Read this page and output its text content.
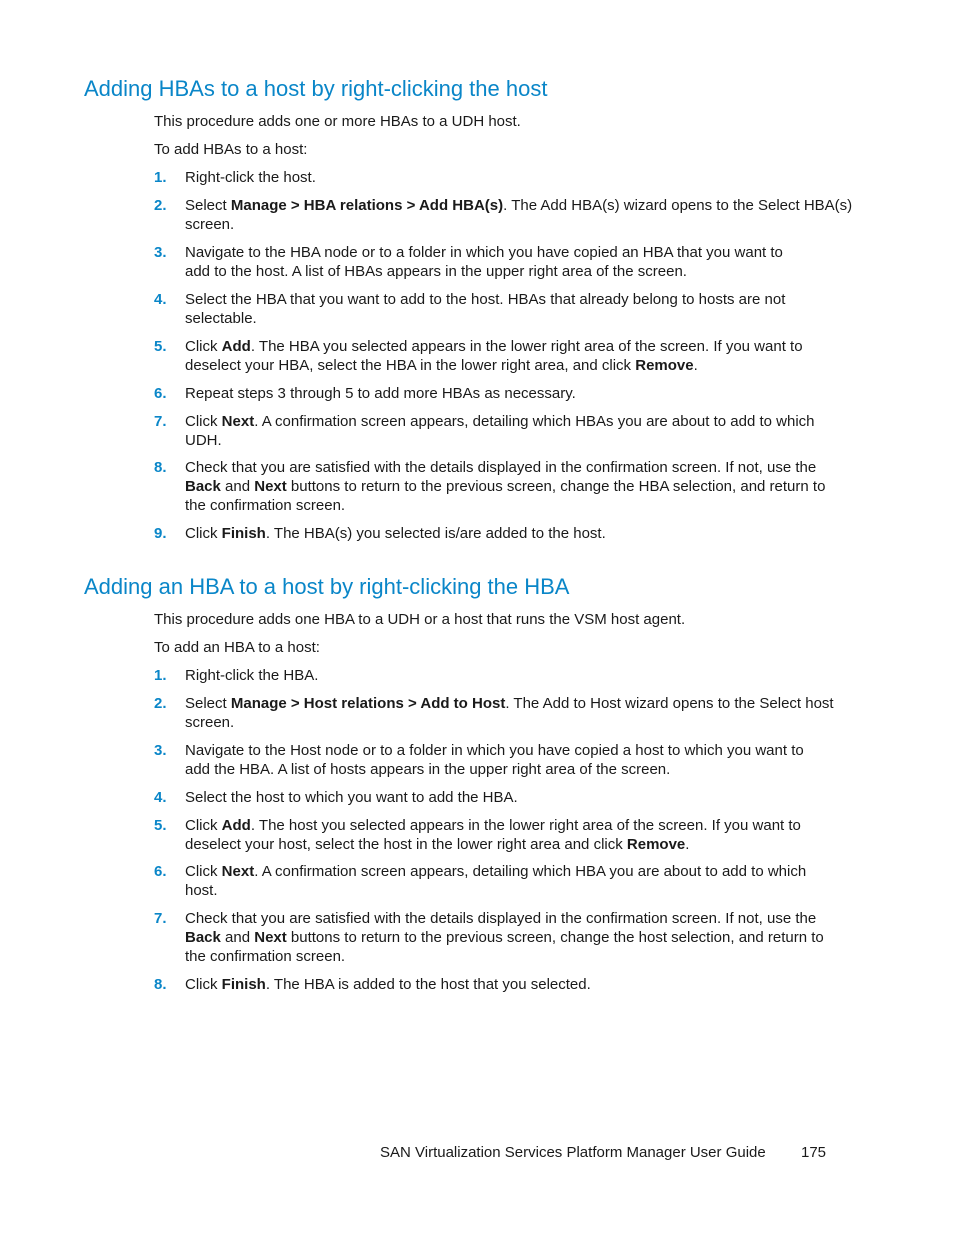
Adding HBAs to a host by right-clicking the host

This procedure adds one or more HBAs to a UDH host.

To add HBAs to a host:

1. Right-click the host.
2. Select Manage > HBA relations > Add HBA(s). The Add HBA(s) wizard opens to the Select HBA(s)
screen.
3. Navigate to the HBA node or to a folder in which you have copied an HBA that you want to
add to the host. A list of HBAs appears in the upper right area of the screen.
4. Select the HBA that you want to add to the host. HBAs that already belong to hosts are not
selectable.
5. Click Add. The HBA you selected appears in the lower right area of the screen. If you want to
deselect your HBA, select the HBA in the lower right area, and click Remove.
6. Repeat steps 3 through 5 to add more HBAs as necessary.
7. Click Next. A confirmation screen appears, detailing which HBAs you are about to add to which
UDH.
8. Check that you are satisfied with the details displayed in the confirmation screen. If not, use the
Back and Next buttons to return to the previous screen, change the HBA selection, and return to
the confirmation screen.
9. Click Finish. The HBA(s) you selected is/are added to the host.
Adding an HBA to a host by right-clicking the HBA

This procedure adds one HBA to a UDH or a host that runs the VSM host agent.

To add an HBA to a host:

1. Right-click the HBA.
2. Select Manage > Host relations > Add to Host. The Add to Host wizard opens to the Select host
screen.
3. Navigate to the Host node or to a folder in which you have copied a host to which you want to
add the HBA. A list of hosts appears in the upper right area of the screen.
4. Select the host to which you want to add the HBA.
5. Click Add. The host you selected appears in the lower right area of the screen. If you want to
deselect your host, select the host in the lower right area and click Remove.
6. Click Next. A confirmation screen appears, detailing which HBA you are about to add to which
host.
7. Check that you are satisfied with the details displayed in the confirmation screen. If not, use the
Back and Next buttons to return to the previous screen, change the host selection, and return to
the confirmation screen.
8. Click Finish. The HBA is added to the host that you selected.
SAN Virtualization Services Platform Manager User Guide 175
